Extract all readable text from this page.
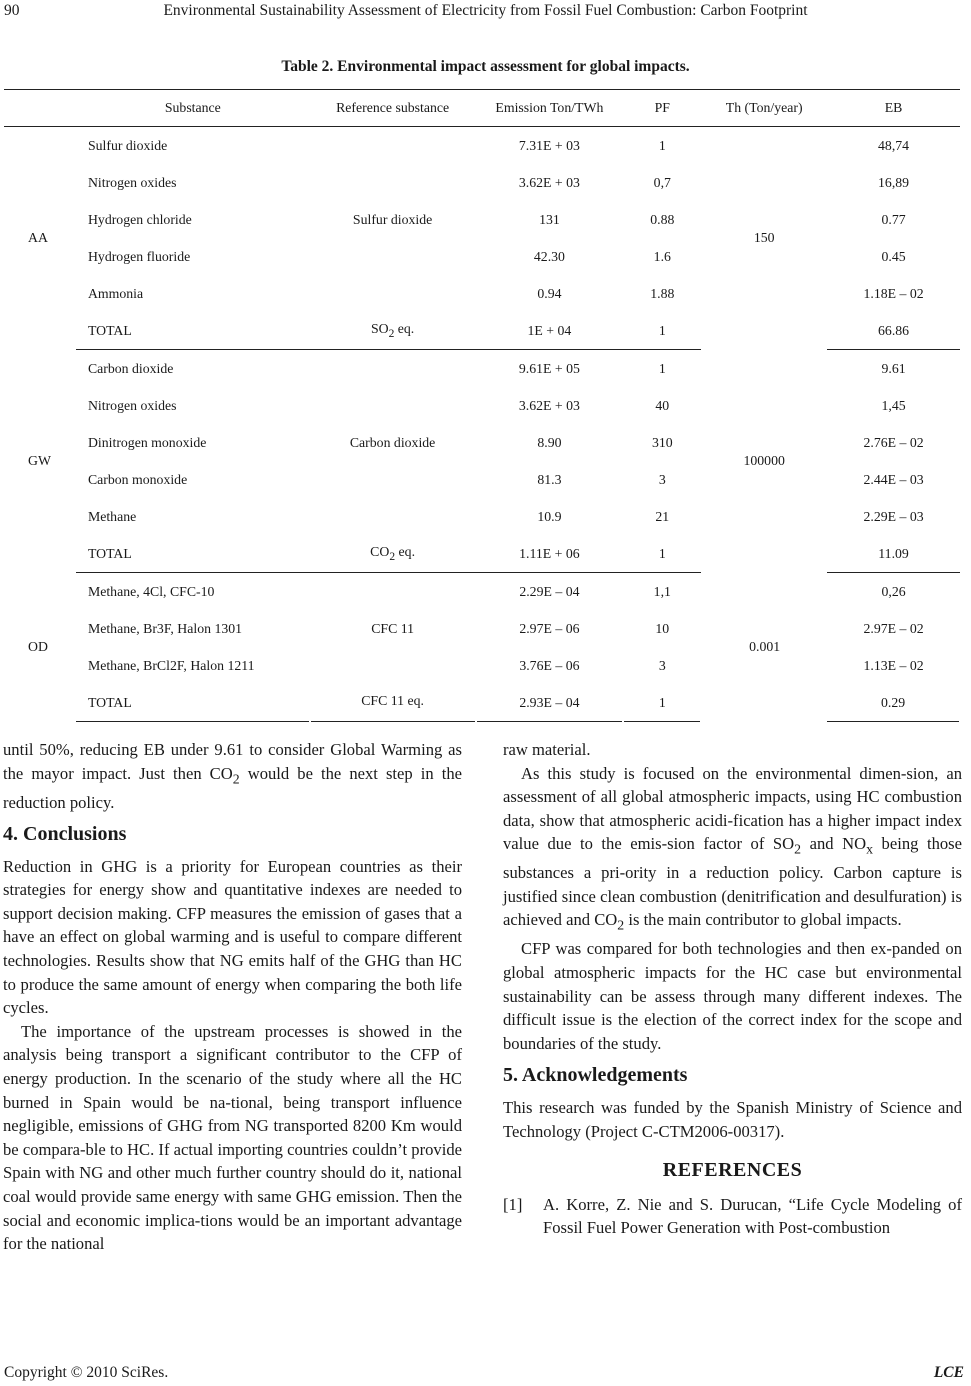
90	Environmental Sustainability Assessment of Electricity from Fossil Fuel Combustion: Carbon Footprint
Table 2. Environmental impact assessment for global impacts.
	Substance	Reference substance	Emission Ton/TWh	PF	Th (Ton/year)	EB
AA	Sulfur dioxide	Sulfur dioxide	7.31E + 03	1	150	48,74
	Nitrogen oxides		3.62E + 03	0,7		16,89
	Hydrogen chloride		131	0.88		0.77
	Hydrogen fluoride		42.30	1.6		0.45
	Ammonia		0.94	1.88		1.18E – 02
	TOTAL	$SO_2$ eq.	1E + 04	1		66.86
GW	Carbon dioxide	Carbon dioxide	9.61E + 05	1	100000	9.61
	Nitrogen oxides		3.62E + 03	40		1,45
	Dinitrogen monoxide		8.90	310		2.76E – 02
	Carbon monoxide		81.3	3		2.44E – 03
	Methane		10.9	21		2.29E – 03
	TOTAL	$CO_2$ eq.	1.11E + 06	1		11.09
OD	Methane, 4Cl, CFC-10	CFC 11	2.29E – 04	1,1	0.001	0,26
	Methane, Br3F, Halon 1301		2.97E – 06	10		2.97E – 02
	Methane, BrCl2F, Halon 1211		3.76E – 06	3		1.13E – 02
	TOTAL	CFC 11 eq.	2.93E – 04	1		0.29

until 50%, reducing EB under 9.61 to consider Global Warming as the mayor impact. Just then $CO_2$ would be the next step in the reduction policy.

4. Conclusions

Reduction in GHG is a priority for European countries as their strategies for energy show and quantitative indexes are needed to support decision making. CFP measures the emission of gases that a have an effect on global warming and is useful to compare different technologies. Results show that NG emits half of the GHG than HC to produce the same amount of energy when comparing the both life cycles.

The importance of the upstream processes is showed in the analysis being transport a significant contributor to the CFP of energy production. In the scenario of the study where all the HC burned in Spain would be na-tional, being transport influence negligible, emissions of GHG from NG transported 8200 Km would be compara-ble to HC. If actual importing countries couldn’t provide Spain with NG and other much further country should do it, national coal would provide same energy with same GHG emission. Then the social and economic implica-tions would be an important advantage for the national

raw material.

As this study is focused on the environmental dimen-sion, an assessment of all global atmospheric impacts, using HC combustion data, show that atmospheric acidi-fication has a higher impact index value due to the emis-sion factor of $SO_2$ and $NO_x$ being those substances a pri-ority in a reduction policy. Carbon capture is justified since clean combustion (denitrification and desulfuration) is achieved and $CO_2$ is the main contributor to global impacts.

CFP was compared for both technologies and then ex-panded on global atmospheric impacts for the HC case but environmental sustainability can be assess through many different indexes. The difficult issue is the election of the correct index for the scope and boundaries of the study.

5. Acknowledgements

This research was funded by the Spanish Ministry of Science and Technology (Project C-CTM2006-00317).

REFERENCES
[1]	A. Korre, Z. Nie and S. Durucan, “Life Cycle Modeling of Fossil Fuel Power Generation with Post-combustion
Copyright © 2010 SciRes.	LCE
